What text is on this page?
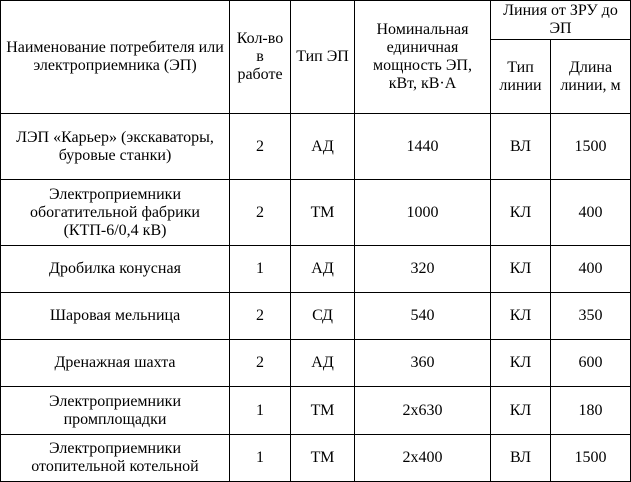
Наименование потребителя или электроприемника (ЭП)	Кол-во в работе	Тип ЭП	Номинальная единичная мощность ЭП, кВт, кВ·А	Линия от ЗРУ до ЭП	
				Тип линии	Длина линии, м
ЛЭП «Карьер» (экскаваторы, буровые станки)	2	АД	1440	ВЛ	1500
Электроприемники обогатительной фабрики (КТП-6/0,4 кВ)	2	ТМ	1000	КЛ	400
Дробилка конусная	1	АД	320	КЛ	400
Шаровая мельница	2	СД	540	КЛ	350
Дренажная шахта	2	АД	360	КЛ	600
Электроприемники промплощадки	1	ТМ	2x630	КЛ	180
Электроприемники отопительной котельной	1	ТМ	2x400	ВЛ	1500
